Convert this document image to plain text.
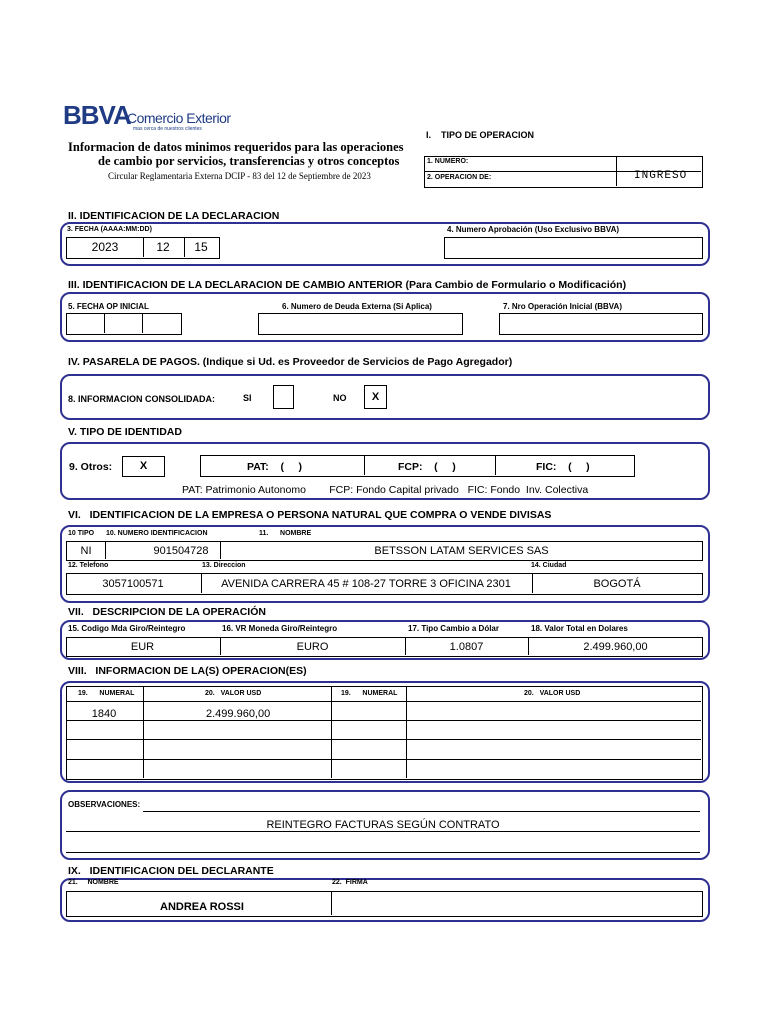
BBVA
Comercio Exterior
mas cerca de nuestros clientes
Informacion de datos minimos requeridos para las operaciones
de cambio por servicios, transferencias y otros conceptos
Circular Reglamentaria Externa DCIP - 83 del 12 de Septiembre de 2023
I.    TIPO DE OPERACION
1. NUMERO:
2. OPERACION DE:	INGRESO
II. IDENTIFICACION DE LA DECLARACION
3. FECHA (AAAA:MM:DD)
2023	12	15
4. Numero Aprobación (Uso Exclusivo BBVA)
III. IDENTIFICACION DE LA DECLARACION DE CAMBIO ANTERIOR (Para Cambio de Formulario o Modificación)
5. FECHA OP INICIAL	6. Numero de Deuda Externa (Si Aplica)	7. Nro Operación Inicial (BBVA)
IV. PASARELA DE PAGOS. (Indique si Ud. es Proveedor de Servicios de Pago Agregador)
8. INFORMACION CONSOLIDADA:	SI	NO	X
V. TIPO DE IDENTIDAD
9. Otros:	X	PAT:    (     )	FCP:    (     )	FIC:    (     )
PAT: Patrimonio Autonomo        FCP: Fondo Capital privado   FIC: Fondo  Inv. Colectiva
VI.   IDENTIFICACION DE LA EMPRESA O PERSONA NATURAL QUE COMPRA O VENDE DIVISAS
10 TIPO 10. NUMERO IDENTIFICACION	11.      NOMBRE
NI	901504728	BETSSON LATAM SERVICES SAS
12. Telefono	13. Direccion	14. Ciudad
3057100571	AVENIDA CARRERA 45 # 108-27 TORRE 3 OFICINA 2301	BOGOTÁ
VII.   DESCRIPCION DE LA OPERACIÓN
15. Codigo Mda Giro/Reintegro	16. VR Moneda Giro/Reintegro	17. Tipo Cambio a Dólar	18. Valor Total en Dolares
EUR	EURO	1.0807	2.499.960,00
VIII.   INFORMACION DE LA(S) OPERACION(ES)
19.      NUMERAL	20.   VALOR USD	19.      NUMERAL	20.   VALOR USD
1840	2.499.960,00
OBSERVACIONES:
REINTEGRO FACTURAS SEGÚN CONTRATO
IX.   IDENTIFICACION DEL DECLARANTE
21.     NOMBRE	22.  FIRMA
ANDREA ROSSI
